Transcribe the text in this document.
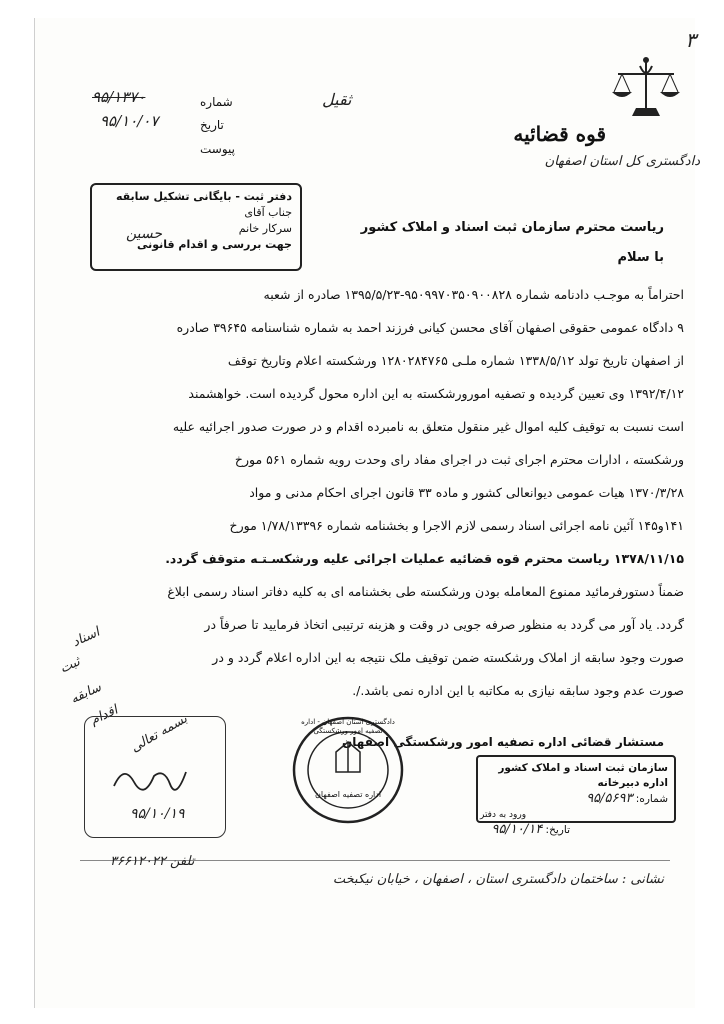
۳
قوه قضائیه
دادگستری کل استان اصفهان
ثقیل
شماره
۹۵/۱۳۷۰
تاریخ
۹۵/۱۰/۰۷
پیوست
دفتر ثبت - بایگانی تشکیل سابقه
جناب آقای
سرکار خانم
جهت بررسی و اقدام قانونی
حسین	ریاست محترم سازمان ثبت اسناد و املاک کشور
با سلام
احتراماً به موجـب دادنامه شماره ۹۵۰۹۹۷۰۳۵۰۹۰۰۸۲۸-۱۳۹۵/۵/۲۳ صادره از شعبه
۹ دادگاه عمومی حقوقی اصفهان آقای محسن کیانی فرزند احمد به شماره شناسنامه ۳۹۶۴۵ صادره
از اصفهان تاریخ تولد ۱۳۳۸/۵/۱۲ شماره ملـی ۱۲۸۰۲۸۴۷۶۵ ورشکسته اعلام وتاریخ توقف
۱۳۹۲/۴/۱۲ وی تعیین گردیده و تصفیه امورورشکسته به این اداره محول گردیده است. خواهشمند
است نسبت به توقیف کلیه اموال غیر منقول متعلق به نامبرده اقدام و در صورت صدور اجرائیه علیه
ورشکسته ، ادارات محترم اجرای ثبت در اجرای مفاد رای وحدت رویه شماره ۵۶۱ مورخ
۱۳۷۰/۳/۲۸ هیات عمومی دیوانعالی کشور و ماده ۳۳ قانون اجرای احکام مدنی و مواد
۱۴۱و۱۴۵ آئین نامه اجرائی اسناد رسمی لازم الاجرا و بخشنامه شماره ۱/۷۸/۱۳۳۹۶ مورخ
۱۳۷۸/۱۱/۱۵ ریاست محترم قوه قضائیه عملیات اجرائی علیه ورشکسـتـه متوقف گردد.
ضمناً دستورفرمائید ممنوع المعامله بودن ورشکسته طی بخشنامه ای به کلیه دفاتر اسناد رسمی ابلاغ
گردد. یاد آور می گردد به منظور صرفه جویی در وقت و هزینه ترتیبی اتخاذ فرمایید تا صرفاً در
صورت وجود سابقه از املاک ورشکسته ضمن توقیف ملک نتیجه به این اداره اعلام گردد و در
صورت عدم وجود سابقه نیازی به مکاتبه با این اداره نمی باشد./.
مستشار قضائی اداره تصفیه امور ورشکستگی اصفهان
دادگستری استان اصفهان - اداره تصفیه امور ورشکستگی
اداره تصفیه اصفهان
اسناد
ثبت
سابقه
اقدام بسمه تعالی
۹۵/۱۰/۱۹
سازمان ثبت اسناد و املاک کشور
اداره دبیرخانه
شماره: ۹۵/۵۶۹۳
ورود به دفتر
تاریخ: ۹۵/۱۰/۱۴
نشانی : ساختمان دادگستری استان ، اصفهان ، خیابان نیکبخت
تلفن ۳۶۶۱۲۰۲۲
